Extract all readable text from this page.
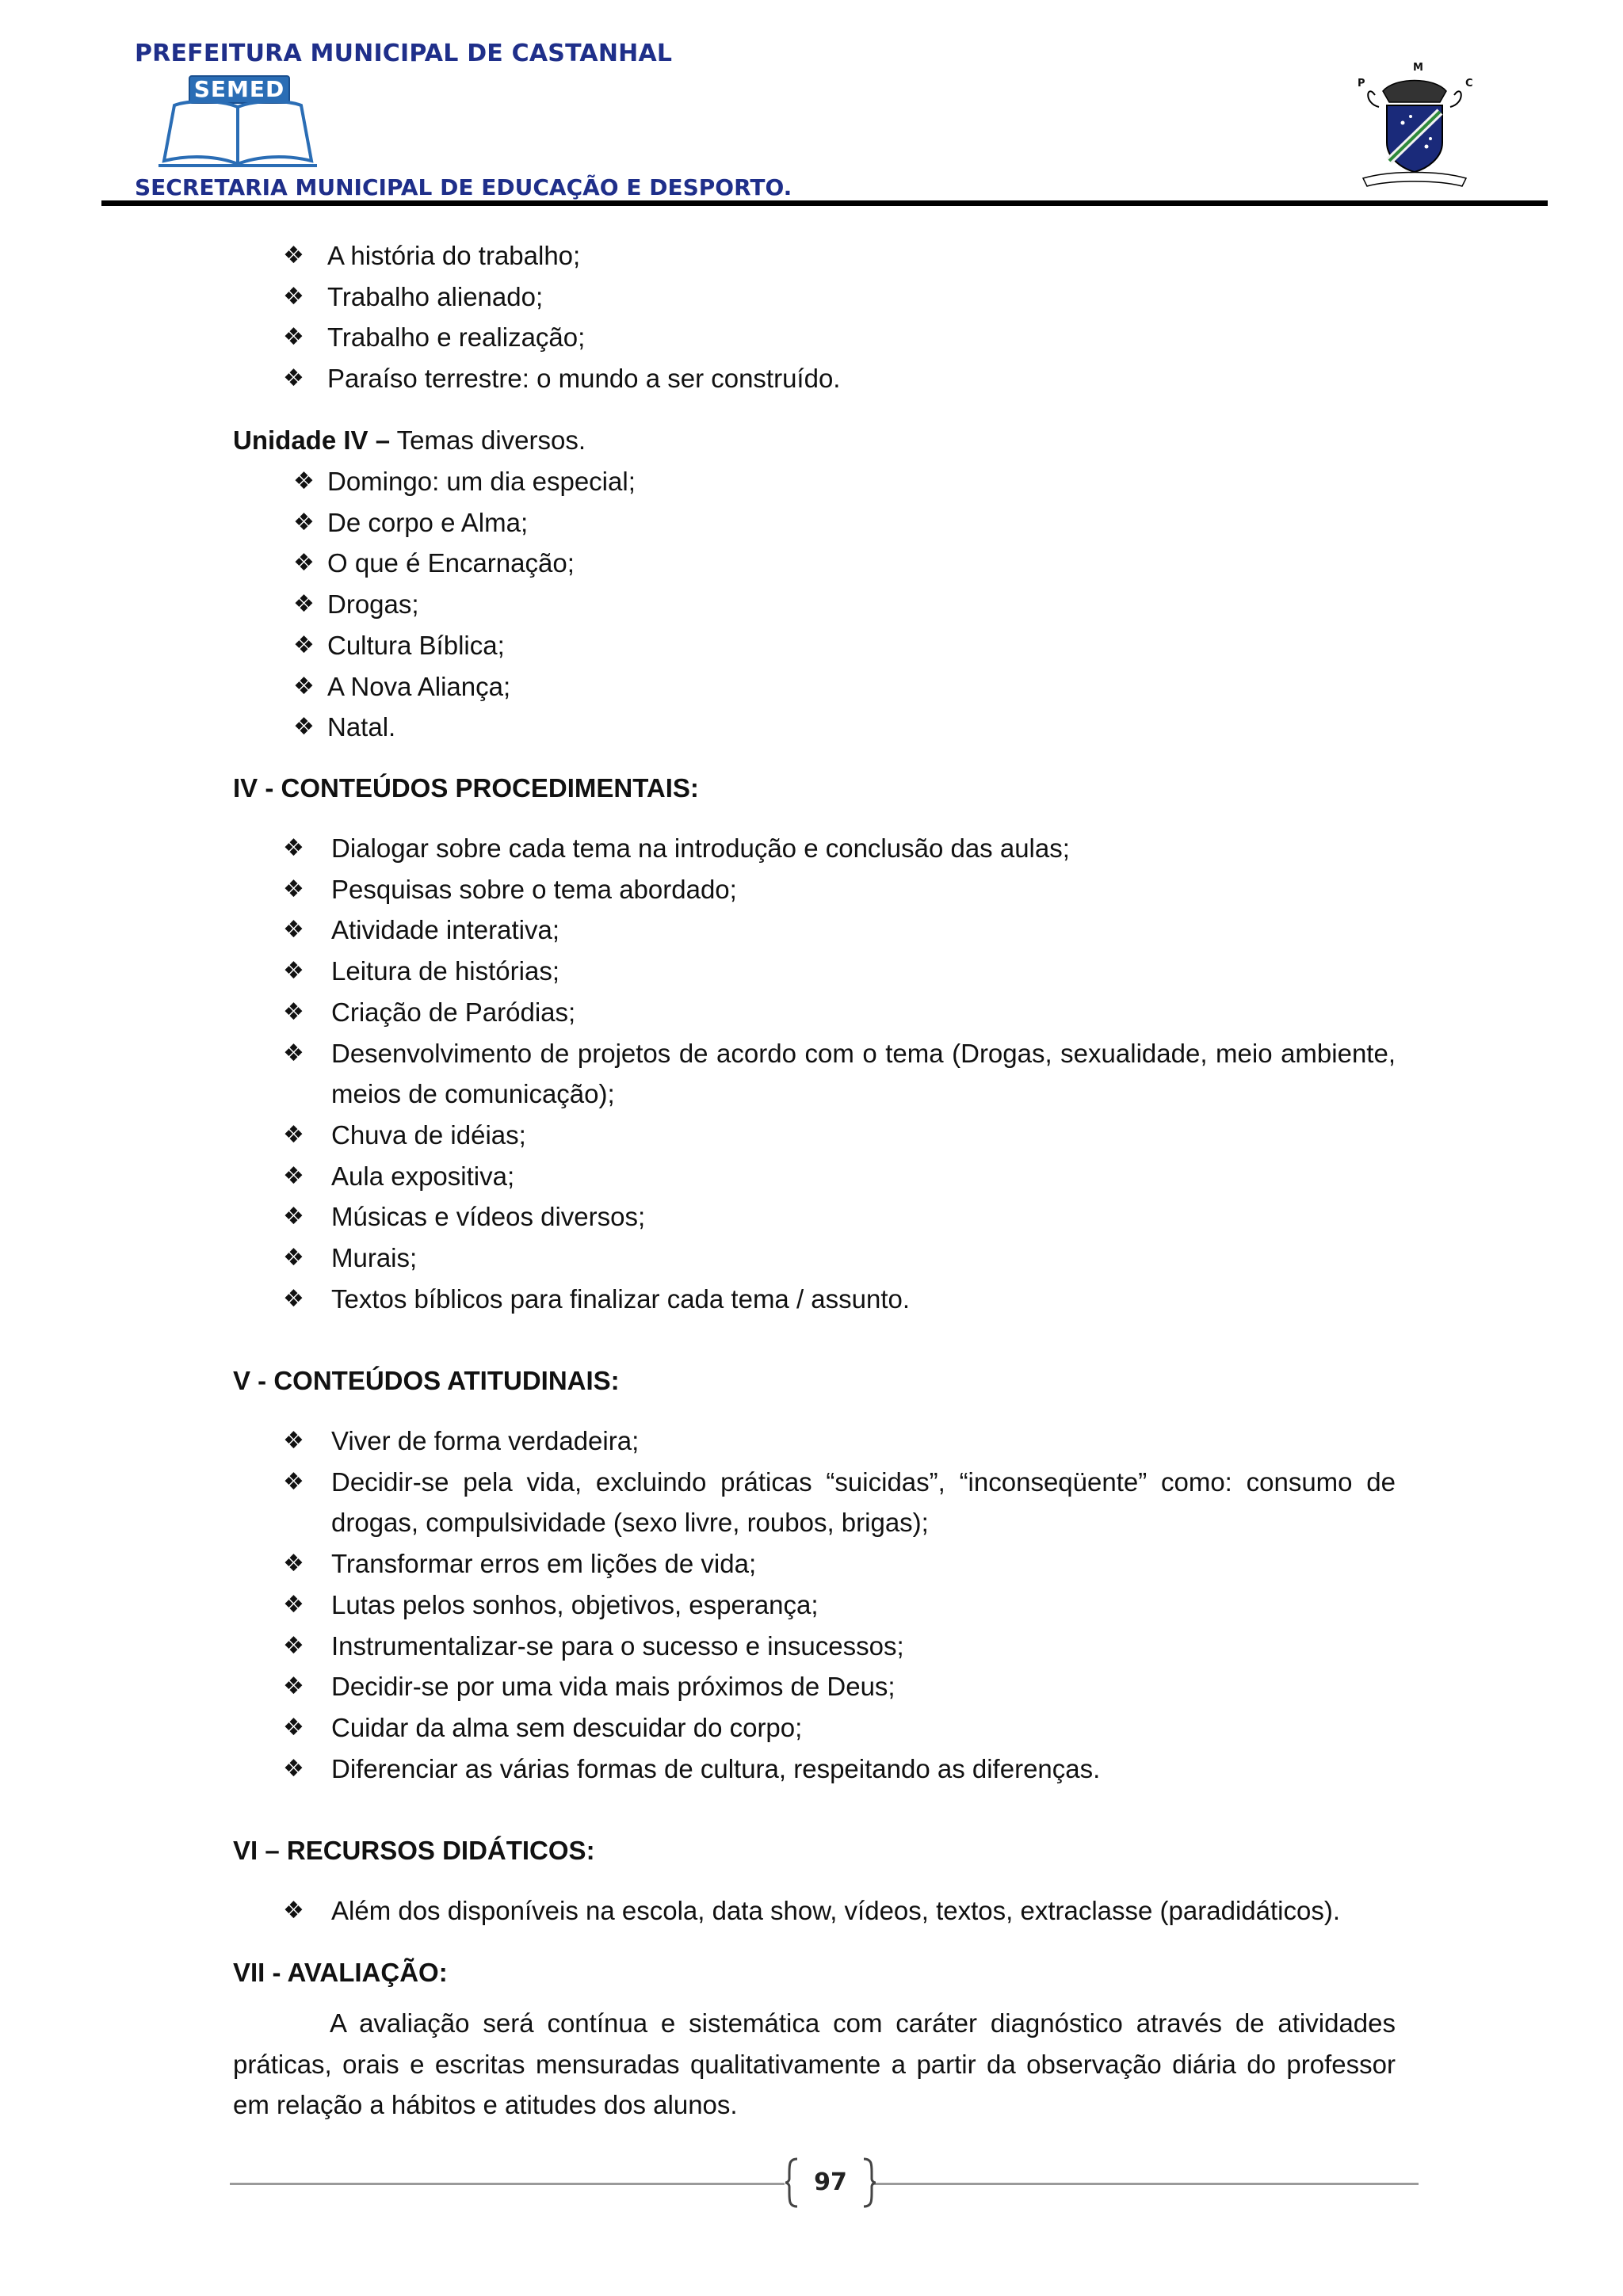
PREFEITURA MUNICIPAL DE CASTANHAL
SEMED
SECRETARIA MUNICIPAL DE EDUCAÇÃO E DESPORTO.
M
P	C
❖ A história do trabalho;
❖ Trabalho alienado;
❖ Trabalho e realização;
❖ Paraíso terrestre: o mundo a ser construído.
Unidade IV – Temas diversos.
❖ Domingo: um dia especial;
❖ De corpo e Alma;
❖ O que é Encarnação;
❖ Drogas;
❖ Cultura Bíblica;
❖ A Nova Aliança;
❖ Natal.
IV - CONTEÚDOS PROCEDIMENTAIS:
❖ Dialogar sobre cada tema na introdução e conclusão das aulas;
❖ Pesquisas sobre o tema abordado;
❖ Atividade interativa;
❖ Leitura de histórias;
❖ Criação de Paródias;
❖ Desenvolvimento de projetos de acordo com o tema (Drogas, sexualidade, meio ambiente, meios de comunicação);
❖ Chuva de idéias;
❖ Aula expositiva;
❖ Músicas e vídeos diversos;
❖ Murais;
❖ Textos bíblicos para finalizar cada tema / assunto.
V - CONTEÚDOS ATITUDINAIS:
❖ Viver de forma verdadeira;
❖ Decidir-se pela vida, excluindo práticas “suicidas”, “inconseqüente” como: consumo de drogas, compulsividade (sexo livre, roubos, brigas);
❖ Transformar erros em lições de vida;
❖ Lutas pelos sonhos, objetivos, esperança;
❖ Instrumentalizar-se para o sucesso e insucessos;
❖ Decidir-se por uma vida mais próximos de Deus;
❖ Cuidar da alma sem descuidar do corpo;
❖ Diferenciar as várias formas de cultura, respeitando as diferenças.
VI – RECURSOS DIDÁTICOS:
❖ Além dos disponíveis na escola, data show, vídeos, textos, extraclasse (paradidáticos).
VII - AVALIAÇÃO:
A avaliação será contínua e sistemática com caráter diagnóstico através de atividades práticas, orais e escritas mensuradas qualitativamente a partir da observação diária do professor em relação a hábitos e atitudes dos alunos.
97
